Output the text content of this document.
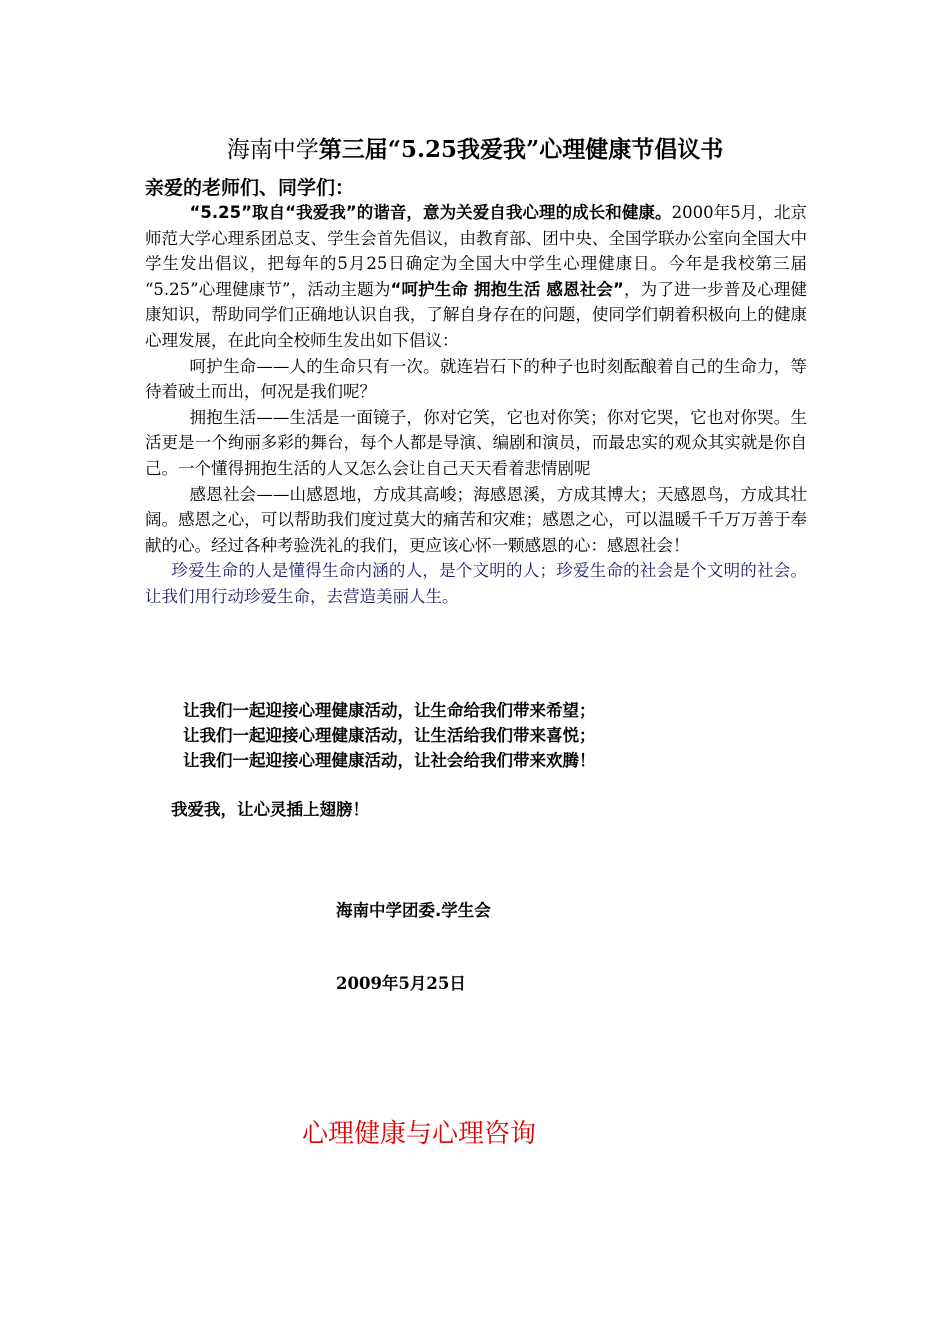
海南中学第三届“5.25我爱我”心理健康节倡议书
亲爱的老师们、同学们：

“5.25”取自“我爱我”的谐音，意为关爱自我心理的成长和健康。2000年5月，北京师范大学心理系团总支、学生会首先倡议，由教育部、团中央、全国学联办公室向全国大中学生发出倡议，把每年的5月25日确定为全国大中学生心理健康日。今年是我校第三届 “5.25”心理健康节”，活动主题为“呵护生命 拥抱生活 感恩社会”，为了进一步普及心理健康知识，帮助同学们正确地认识自我，了解自身存在的问题，使同学们朝着积极向上的健康心理发展，在此向全校师生发出如下倡议：

呵护生命——人的生命只有一次。就连岩石下的种子也时刻酝酿着自己的生命力，等待着破土而出，何况是我们呢？

拥抱生活——生活是一面镜子，你对它笑，它也对你笑；你对它哭，它也对你哭。生活更是一个绚丽多彩的舞台，每个人都是导演、编剧和演员，而最忠实的观众其实就是你自己。一个懂得拥抱生活的人又怎么会让自己天天看着悲情剧呢

感恩社会——山感恩地，方成其高峻；海感恩溪，方成其博大；天感恩鸟，方成其壮阔。感恩之心，可以帮助我们度过莫大的痛苦和灾难；感恩之心，可以温暖千千万万善于奉献的心。经过各种考验洗礼的我们，更应该心怀一颗感恩的心：感恩社会！

珍爱生命的人是懂得生命内涵的人，是个文明的人；珍爱生命的社会是个文明的社会。让我们用行动珍爱生命，去营造美丽人生。

让我们一起迎接心理健康活动，让生命给我们带来希望；
让我们一起迎接心理健康活动，让生活给我们带来喜悦；
让我们一起迎接心理健康活动，让社会给我们带来欢腾！
我爱我，让心灵插上翅膀！
海南中学团委.学生会
2009年5月25日
心理健康与心理咨询
